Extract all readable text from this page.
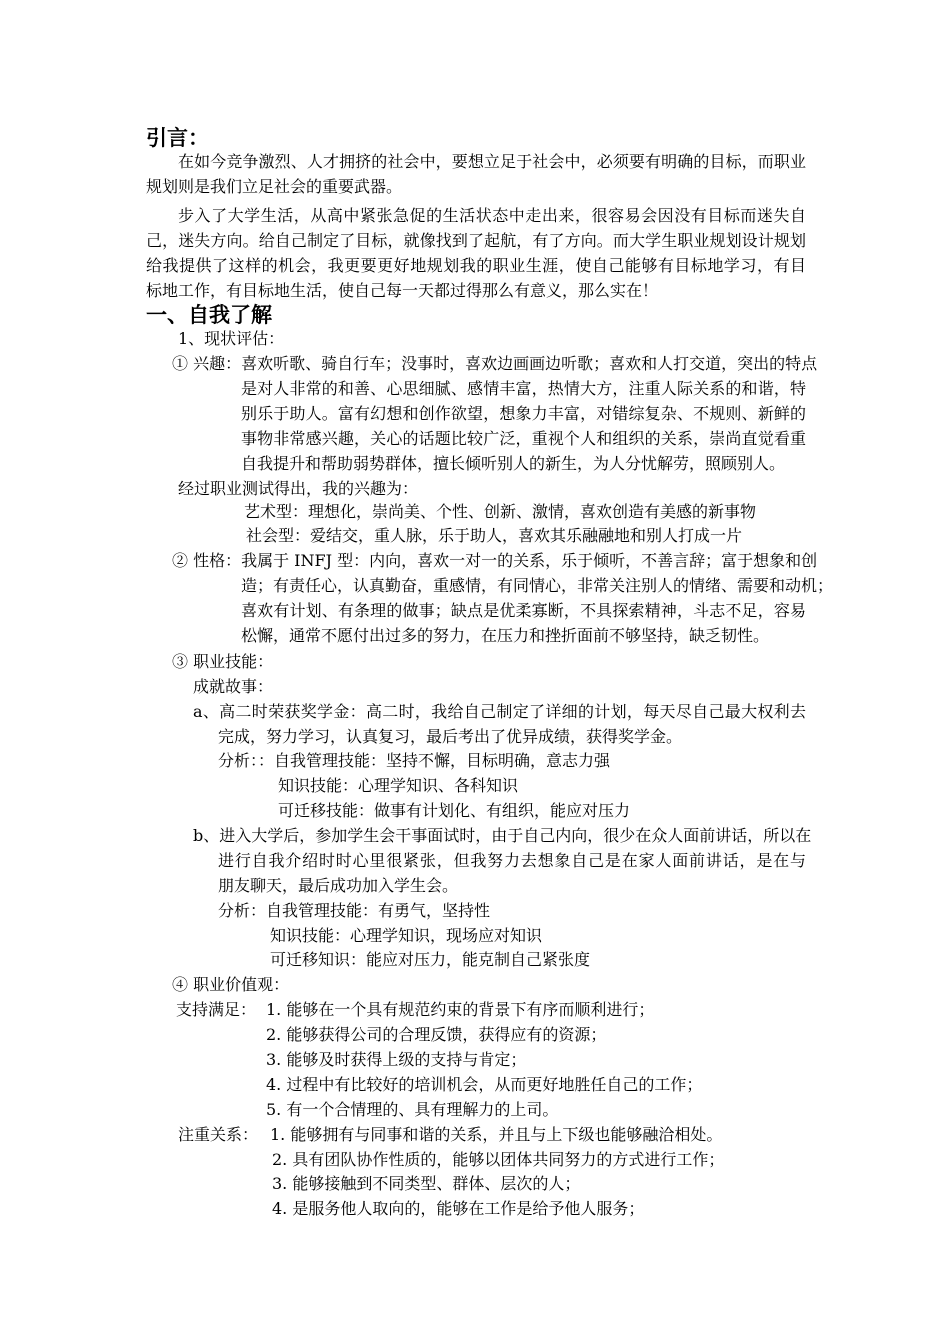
引言：
在如今竞争激烈、人才拥挤的社会中，要想立足于社会中，必须要有明确的目标，而职业
规划则是我们立足社会的重要武器。
步入了大学生活，从高中紧张急促的生活状态中走出来，很容易会因没有目标而迷失自
己，迷失方向。给自己制定了目标，就像找到了起航，有了方向。而大学生职业规划设计规划
给我提供了这样的机会，我更要更好地规划我的职业生涯，使自己能够有目标地学习，有目
标地工作，有目标地生活，使自己每一天都过得那么有意义，那么实在！
一、自我了解
1、现状评估：
① 兴趣：喜欢听歌、骑自行车；没事时，喜欢边画画边听歌；喜欢和人打交道，突出的特点
是对人非常的和善、心思细腻、感情丰富，热情大方，注重人际关系的和谐，特
别乐于助人。富有幻想和创作欲望，想象力丰富，对错综复杂、不规则、新鲜的
事物非常感兴趣，关心的话题比较广泛，重视个人和组织的关系，崇尚直觉看重
自我提升和帮助弱势群体，擅长倾听别人的新生，为人分忧解劳，照顾别人。
经过职业测试得出，我的兴趣为：
艺术型：理想化，崇尚美、个性、创新、激情，喜欢创造有美感的新事物
社会型：爱结交，重人脉，乐于助人，喜欢其乐融融地和别人打成一片
② 性格：我属于 INFJ 型：内向，喜欢一对一的关系，乐于倾听，不善言辞；富于想象和创
造；有责任心，认真勤奋，重感情，有同情心，非常关注别人的情绪、需要和动机；
喜欢有计划、有条理的做事；缺点是优柔寡断，不具探索精神，斗志不足，容易
松懈，通常不愿付出过多的努力，在压力和挫折面前不够坚持，缺乏韧性。
③ 职业技能：
成就故事：
a、高二时荣获奖学金：高二时，我给自己制定了详细的计划，每天尽自己最大权利去
完成，努力学习，认真复习，最后考出了优异成绩，获得奖学金。
分析：：自我管理技能：坚持不懈，目标明确，意志力强
知识技能：心理学知识、各科知识
可迁移技能：做事有计划化、有组织，能应对压力
b、进入大学后，参加学生会干事面试时，由于自己内向，很少在众人面前讲话，所以在
进行自我介绍时时心里很紧张，但我努力去想象自己是在家人面前讲话，是在与
朋友聊天，最后成功加入学生会。
分析：自我管理技能：有勇气，坚持性
知识技能：心理学知识，现场应对知识
可迁移知识：能应对压力，能克制自己紧张度
④ 职业价值观：
支持满足： 1. 能够在一个具有规范约束的背景下有序而顺利进行；
2. 能够获得公司的合理反馈，获得应有的资源；
3. 能够及时获得上级的支持与肯定；
4. 过程中有比较好的培训机会，从而更好地胜任自己的工作；
5. 有一个合情理的、具有理解力的上司。
注重关系： 1. 能够拥有与同事和谐的关系，并且与上下级也能够融洽相处。
2. 具有团队协作性质的，能够以团体共同努力的方式进行工作；
3. 能够接触到不同类型、群体、层次的人；
4. 是服务他人取向的，能够在工作是给予他人服务；
